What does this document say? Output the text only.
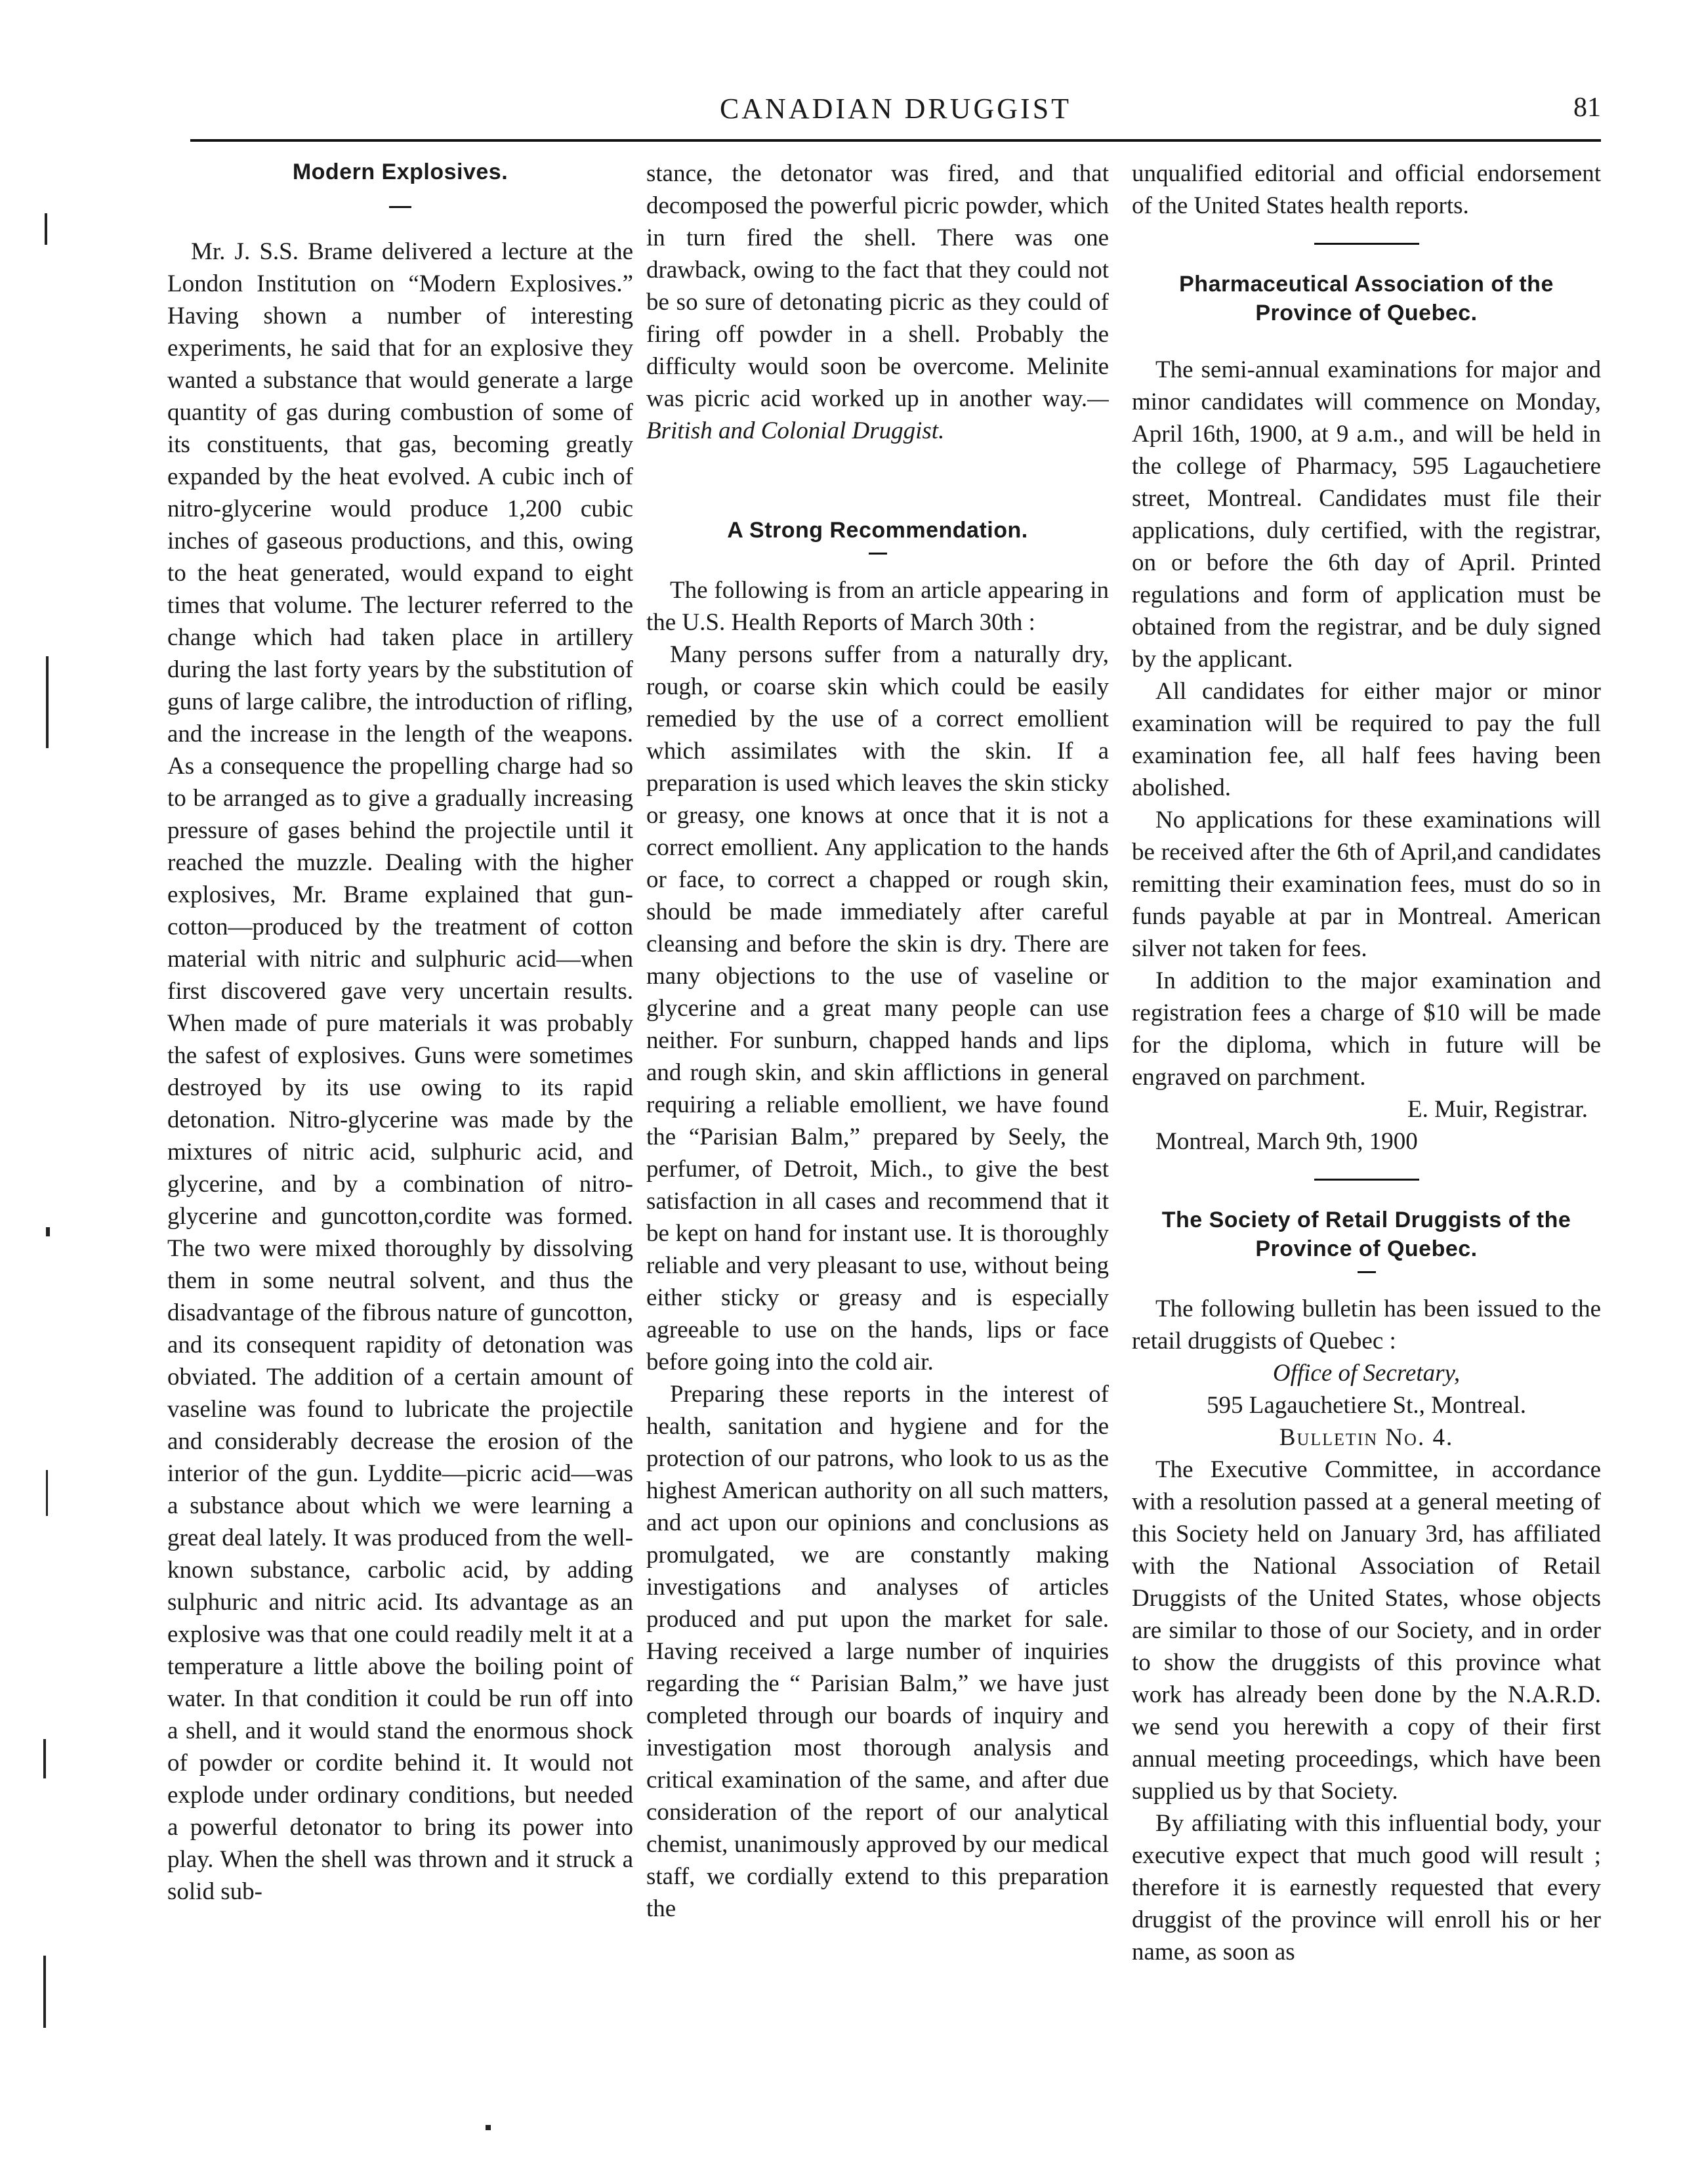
CANADIAN DRUGGIST	81
Modern Explosives.

Mr. J. S.S. Brame delivered a lecture at the London Institution on “Modern Explosives.” Having shown a number of interesting experiments, he said that for an explosive they wanted a substance that would generate a large quantity of gas during combustion of some of its constituents, that gas, becoming greatly expanded by the heat evolved. A cubic inch of nitro-glycerine would produce 1,200 cubic inches of gaseous productions, and this, owing to the heat generated, would expand to eight times that volume. The lecturer referred to the change which had taken place in artillery during the last forty years by the substitution of guns of large calibre, the introduction of rifling, and the increase in the length of the weapons. As a consequence the propelling charge had so to be arranged as to give a gradually increasing pressure of gases behind the projectile until it reached the muzzle. Dealing with the higher explosives, Mr. Brame explained that gun-cotton—produced by the treatment of cotton material with nitric and sulphuric acid—when first discovered gave very uncertain results. When made of pure materials it was probably the safest of explosives. Guns were sometimes destroyed by its use owing to its rapid detonation. Nitro-glycerine was made by the mixtures of nitric acid, sulphuric acid, and glycerine, and by a combination of nitro-glycerine and guncotton,cordite was formed. The two were mixed thoroughly by dissolving them in some neutral solvent, and thus the disadvantage of the fibrous nature of guncotton, and its consequent rapidity of detonation was obviated. The addition of a certain amount of vaseline was found to lubricate the projectile and considerably decrease the erosion of the interior of the gun. Lyddite—picric acid—was a substance about which we were learning a great deal lately. It was produced from the well-known substance, carbolic acid, by adding sulphuric and nitric acid. Its advantage as an explosive was that one could readily melt it at a temperature a little above the boiling point of water. In that condition it could be run off into a shell, and it would stand the enormous shock of powder or cordite behind it. It would not explode under ordinary conditions, but needed a powerful detonator to bring its power into play. When the shell was thrown and it struck a solid sub-

stance, the detonator was fired, and that decomposed the powerful picric powder, which in turn fired the shell. There was one drawback, owing to the fact that they could not be so sure of detonating picric as they could of firing off powder in a shell. Probably the difficulty would soon be overcome. Melinite was picric acid worked up in another way.—British and Colonial Druggist.

A Strong Recommendation.

The following is from an article appearing in the U.S. Health Reports of March 30th :

Many persons suffer from a naturally dry, rough, or coarse skin which could be easily remedied by the use of a correct emollient which assimilates with the skin. If a preparation is used which leaves the skin sticky or greasy, one knows at once that it is not a correct emollient. Any application to the hands or face, to correct a chapped or rough skin, should be made immediately after careful cleansing and before the skin is dry. There are many objections to the use of vaseline or glycerine and a great many people can use neither. For sunburn, chapped hands and lips and rough skin, and skin afflictions in general requiring a reliable emollient, we have found the “Parisian Balm,” prepared by Seely, the perfumer, of Detroit, Mich., to give the best satisfaction in all cases and recommend that it be kept on hand for instant use. It is thoroughly reliable and very pleasant to use, without being either sticky or greasy and is especially agreeable to use on the hands, lips or face before going into the cold air.

Preparing these reports in the interest of health, sanitation and hygiene and for the protection of our patrons, who look to us as the highest American authority on all such matters, and act upon our opinions and conclusions as promulgated, we are constantly making investigations and analyses of articles produced and put upon the market for sale. Having received a large number of inquiries regarding the “ Parisian Balm,” we have just completed through our boards of inquiry and investigation most thorough analysis and critical examination of the same, and after due consideration of the report of our analytical chemist, unanimously approved by our medical staff, we cordially extend to this preparation the

unqualified editorial and official endorsement of the United States health reports.

Pharmaceutical Association of the Province of Quebec.

The semi-annual examinations for major and minor candidates will commence on Monday, April 16th, 1900, at 9 a.m., and will be held in the college of Pharmacy, 595 Lagauchetiere street, Montreal. Candidates must file their applications, duly certified, with the registrar, on or before the 6th day of April. Printed regulations and form of application must be obtained from the registrar, and be duly signed by the applicant.

All candidates for either major or minor examination will be required to pay the full examination fee, all half fees having been abolished.

No applications for these examinations will be received after the 6th of April,and candidates remitting their examination fees, must do so in funds payable at par in Montreal. American silver not taken for fees.

In addition to the major examination and registration fees a charge of $10 will be made for the diploma, which in future will be engraved on parchment.

E. Muir, Registrar.

Montreal, March 9th, 1900

The Society of Retail Druggists of the Province of Quebec.

The following bulletin has been issued to the retail druggists of Quebec :

Office of Secretary,

595 Lagauchetiere St., Montreal.

Bulletin No. 4.

The Executive Committee, in accordance with a resolution passed at a general meeting of this Society held on January 3rd, has affiliated with the National Association of Retail Druggists of the United States, whose objects are similar to those of our Society, and in order to show the druggists of this province what work has already been done by the N.A.R.D. we send you herewith a copy of their first annual meeting proceedings, which have been supplied us by that Society.

By affiliating with this influential body, your executive expect that much good will result ; therefore it is earnestly requested that every druggist of the province will enroll his or her name, as soon as
